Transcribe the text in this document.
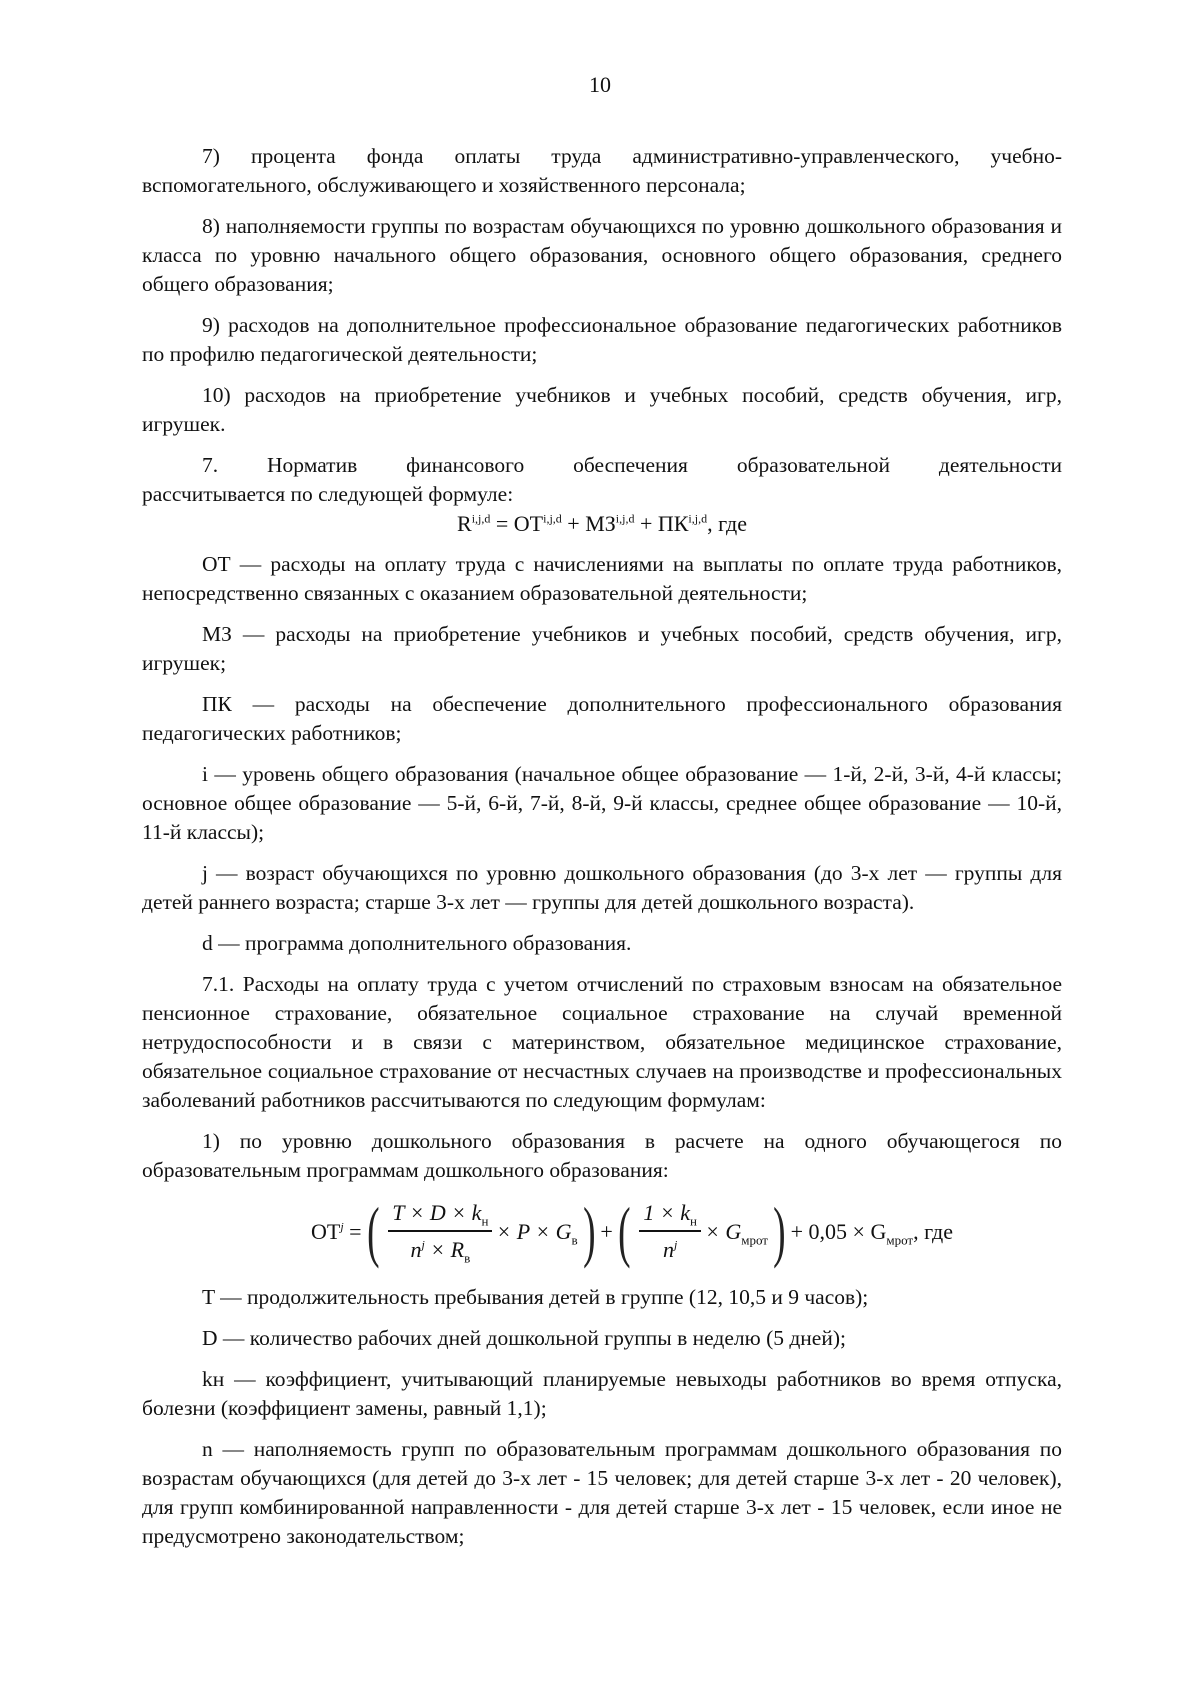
10

7) процента фонда оплаты труда административно-управленческого, учебно-вспомогательного, обслуживающего и хозяйственного персонала;

8) наполняемости группы по возрастам обучающихся по уровню дошкольного образования и класса по уровню начального общего образования, основного общего образования, среднего общего образования;

9) расходов на дополнительное профессиональное образование педагогических работников по профилю педагогической деятельности;

10) расходов на приобретение учебников и учебных пособий, средств обучения, игр, игрушек.

7. Норматив финансового обеспечения образовательной деятельности

рассчитывается по следующей формуле:

R$^{i,j,d}$ = ОТ$^{i,j,d}$ + МЗ$^{i,j,d}$ + ПК$^{i,j,d}$, где

ОТ — расходы на оплату труда с начислениями на выплаты по оплате труда работников, непосредственно связанных с оказанием образовательной деятельности;

МЗ — расходы на приобретение учебников и учебных пособий, средств обучения, игр, игрушек;

ПК — расходы на обеспечение дополнительного профессионального образования педагогических работников;

i — уровень общего образования (начальное общее образование — 1-й, 2-й, 3-й, 4-й классы; основное общее образование — 5-й, 6-й, 7-й, 8-й, 9-й классы, среднее общее образование — 10-й, 11-й классы);

j — возраст обучающихся по уровню дошкольного образования (до 3-х лет — группы для детей раннего возраста; старше 3-х лет — группы для детей дошкольного возраста).

d — программа дополнительного образования.

7.1. Расходы на оплату труда с учетом отчислений по страховым взносам на обязательное пенсионное страхование, обязательное социальное страхование на случай временной нетрудоспособности и в связи с материнством, обязательное медицинское страхование, обязательное социальное страхование от несчастных случаев на производстве и профессиональных заболеваний работников рассчитываются по следующим формулам:

1) по уровню дошкольного образования в расчете на одного обучающегося по образовательным программам дошкольного образования:

$ОТ^j$ = ( $\frac{T \times D \times k_н}{n^j \times R_в} \times P \times G_в$ ) + ( $\frac{1 \times k_н}{n^j} \times G_{мрот}$ ) + $0,05 \times G_{мрот}$, где

T — продолжительность пребывания детей в группе (12, 10,5 и 9 часов);

D — количество рабочих дней дошкольной группы в неделю (5 дней);

kн — коэффициент, учитывающий планируемые невыходы работников во время отпуска, болезни (коэффициент замены, равный 1,1);

n — наполняемость групп по образовательным программам дошкольного образования по возрастам обучающихся (для детей до 3-х лет - 15 человек; для детей старше 3-х лет - 20 человек), для групп комбинированной направленности - для детей старше 3-х лет - 15 человек, если иное не предусмотрено законодательством;
